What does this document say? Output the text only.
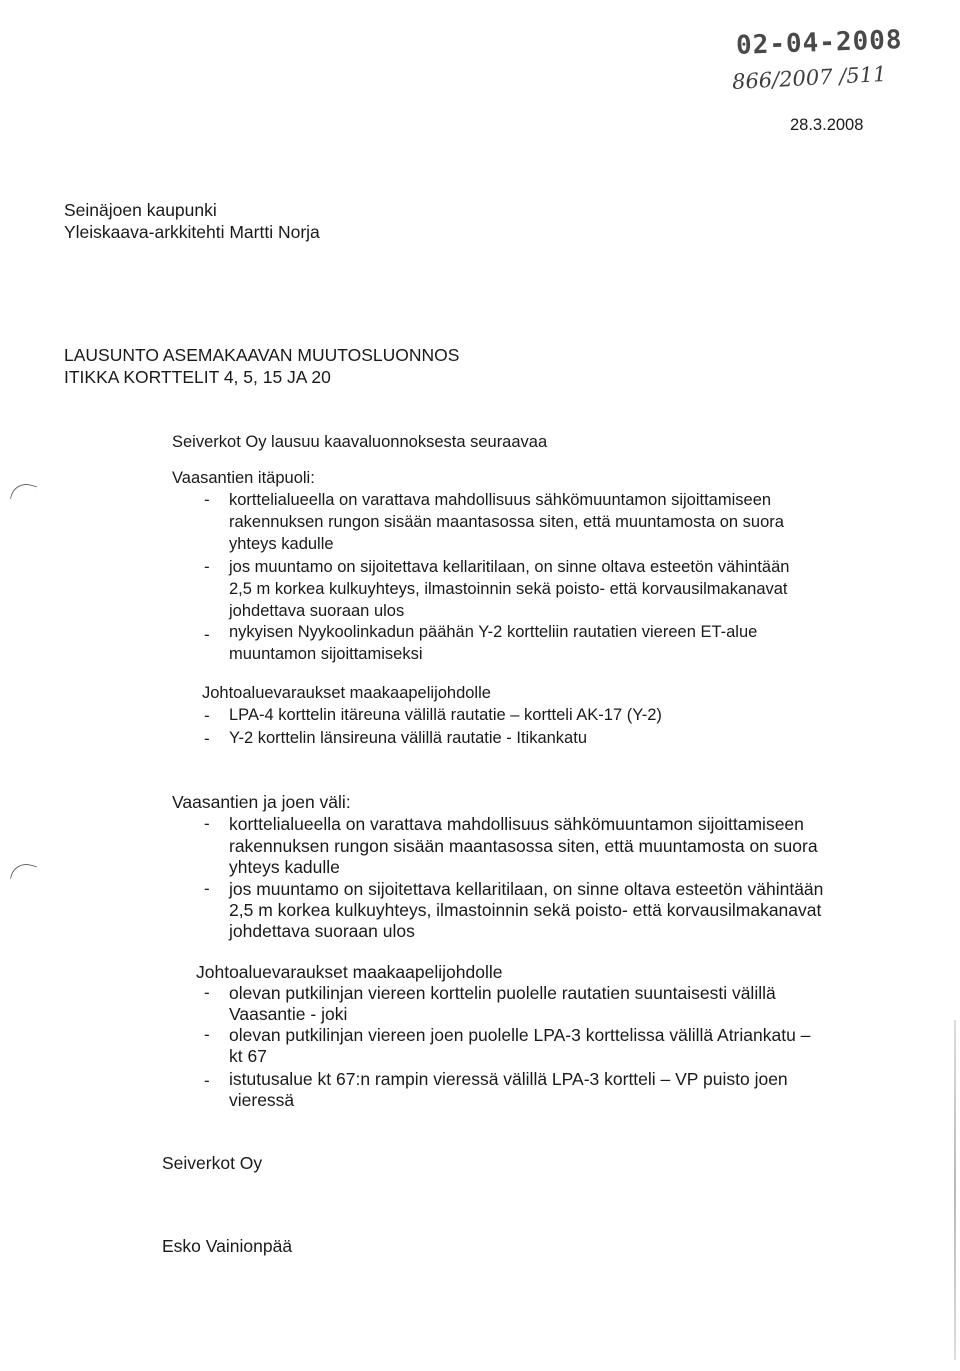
02-04-2008
866/2007 /511
28.3.2008
Seinäjoen kaupunki
Yleiskaava-arkkitehti Martti Norja
LAUSUNTO ASEMAKAAVAN MUUTOSLUONNOS
ITIKKA KORTTELIT 4, 5, 15 JA 20
Seiverkot Oy lausuu kaavaluonnoksesta seuraavaa
Vaasantien itäpuoli:
- korttelialueella on varattava mahdollisuus sähkömuuntamon sijoittamiseen
rakennuksen rungon sisään maantasossa siten, että muuntamosta on suora
yhteys kadulle
- jos muuntamo on sijoitettava kellaritilaan, on sinne oltava esteetön vähintään
2,5 m korkea kulkuyhteys, ilmastoinnin sekä poisto- että korvausilmakanavat
johdettava suoraan ulos
- nykyisen Nyykoolinkadun päähän Y-2 kortteliin rautatien viereen ET-alue
muuntamon sijoittamiseksi
Johtoaluevaraukset maakaapelijohdolle
- LPA-4 korttelin itäreuna välillä rautatie – kortteli AK-17 (Y-2)
- Y-2 korttelin länsireuna välillä rautatie - Itikankatu
Vaasantien ja joen väli:
- korttelialueella on varattava mahdollisuus sähkömuuntamon sijoittamiseen
rakennuksen rungon sisään maantasossa siten, että muuntamosta on suora
yhteys kadulle
- jos muuntamo on sijoitettava kellaritilaan, on sinne oltava esteetön vähintään
2,5 m korkea kulkuyhteys, ilmastoinnin sekä poisto- että korvausilmakanavat
johdettava suoraan ulos
Johtoaluevaraukset maakaapelijohdolle
- olevan putkilinjan viereen korttelin puolelle rautatien suuntaisesti välillä
Vaasantie - joki
- olevan putkilinjan viereen joen puolelle LPA-3 korttelissa välillä Atriankatu –
kt 67
- istutusalue kt 67:n rampin vieressä välillä LPA-3 kortteli – VP puisto joen
vieressä
Seiverkot Oy
Esko Vainionpää
